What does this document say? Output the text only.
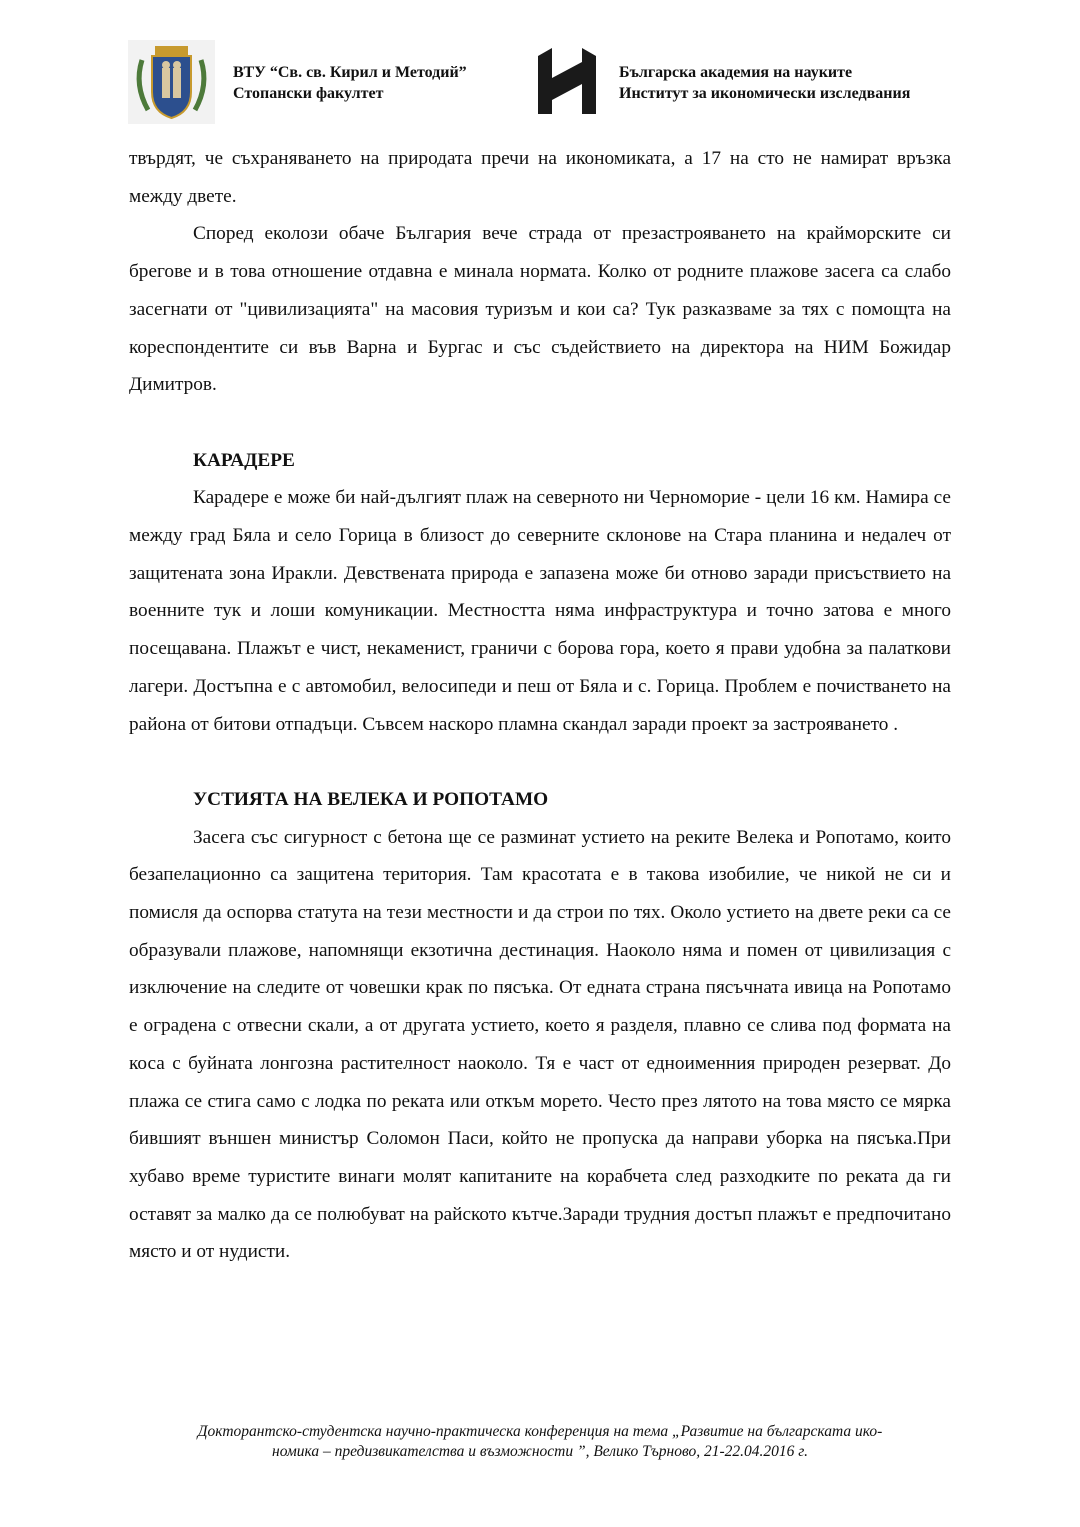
ВТУ “Св. св. Кирил и Методий”
Стопански факултет
Българска академия на науките
Институт за икономически изследвания

твърдят, че съхраняването на природата пречи на икономиката, а 17 на сто не намират връзка между двете.

Според еколози обаче България вече страда от презастрояването на крайморските си брегове и в това отношение отдавна е минала нормата. Колко от родните плажове засега са слабо засегнати от "цивилизацията" на масовия туризъм и кои са? Тук разказваме за тях с помощта на кореспондентите си във Варна и Бургас и със съдействието на директора на НИМ Божидар Димитров.

КАРАДЕРЕ

Карадере е може би най-дългият плаж на северното ни Черноморие - цели 16 км. Намира се между град Бяла и село Горица в близост до северните склонове на Стара планина и недалеч от защитената зона Иракли. Девствената природа е запазена може би отново заради присъствието на военните тук и лоши комуникации. Местността няма инфраструктура и точно затова е много посещавана. Плажът е чист, некаменист, граничи с борова гора, което я прави удобна за палаткови лагери. Достъпна е с автомобил, велосипеди и пеш от Бяла и с. Горица. Проблем е почистването на района от битови отпадъци. Съвсем наскоро пламна скандал заради проект за застрояването .

УСТИЯТА НА ВЕЛЕКА И РОПОТАМО

Засега със сигурност с бетона ще се разминат устието на реките Велека и Ропотамо, които безапелационно са защитена територия. Там красотата е в такова изобилие, че никой не си и помисля да оспорва статута на тези местности и да строи по тях. Около устието на двете реки са се образували плажове, напомнящи екзотична дестинация. Наоколо няма и помен от цивилизация с изключение на следите от човешки крак по пясъка. От едната страна пясъчната ивица на Ропотамо е оградена с отвесни скали, а от другата устието, което я разделя, плавно се слива под формата на коса с буйната лонгозна растителност наоколо. Тя е част от едноименния природен резерват. До плажа се стига само с лодка по реката или откъм морето. Често през лятото на това място се мярка бившият външен министър Соломон Паси, който не пропуска да направи уборка на пясъка.При хубаво време туристите винаги молят капитаните на корабчета след разходките по реката да ги оставят за малко да се полюбуват на райското кътче.Заради трудния достъп плажът е предпочитано място и от нудисти.

Докторантско-студентска научно-практическа конференция на тема „Развитие на българската ико-
номика – предизвикателства и възможности ”, Велико Търново, 21-22.04.2016 г.
